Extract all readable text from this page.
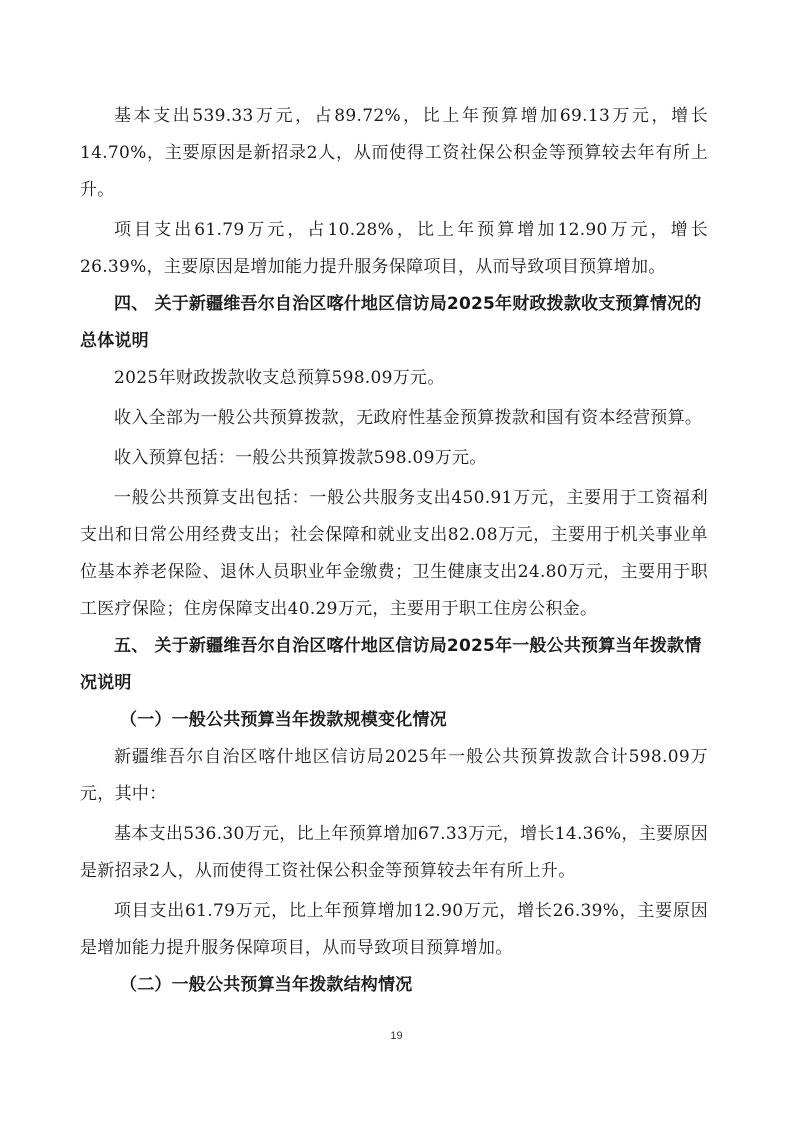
基本支出539.33万元，占89.72%，比上年预算增加69.13万元，增长14.70%，主要原因是新招录2人，从而使得工资社保公积金等预算较去年有所上升。

项目支出61.79万元，占10.28%，比上年预算增加12.90万元，增长26.39%，主要原因是增加能力提升服务保障项目，从而导致项目预算增加。

四、 关于新疆维吾尔自治区喀什地区信访局2025年财政拨款收支预算情况的总体说明

2025年财政拨款收支总预算598.09万元。

收入全部为一般公共预算拨款，无政府性基金预算拨款和国有资本经营预算。

收入预算包括：一般公共预算拨款598.09万元。

一般公共预算支出包括：一般公共服务支出450.91万元，主要用于工资福利支出和日常公用经费支出；社会保障和就业支出82.08万元，主要用于机关事业单位基本养老保险、退休人员职业年金缴费；卫生健康支出24.80万元，主要用于职工医疗保险；住房保障支出40.29万元，主要用于职工住房公积金。

五、 关于新疆维吾尔自治区喀什地区信访局2025年一般公共预算当年拨款情况说明

（一）一般公共预算当年拨款规模变化情况

新疆维吾尔自治区喀什地区信访局2025年一般公共预算拨款合计598.09万元，其中：

基本支出536.30万元，比上年预算增加67.33万元，增长14.36%，主要原因是新招录2人，从而使得工资社保公积金等预算较去年有所上升。

项目支出61.79万元，比上年预算增加12.90万元，增长26.39%，主要原因是增加能力提升服务保障项目，从而导致项目预算增加。

（二）一般公共预算当年拨款结构情况

19
